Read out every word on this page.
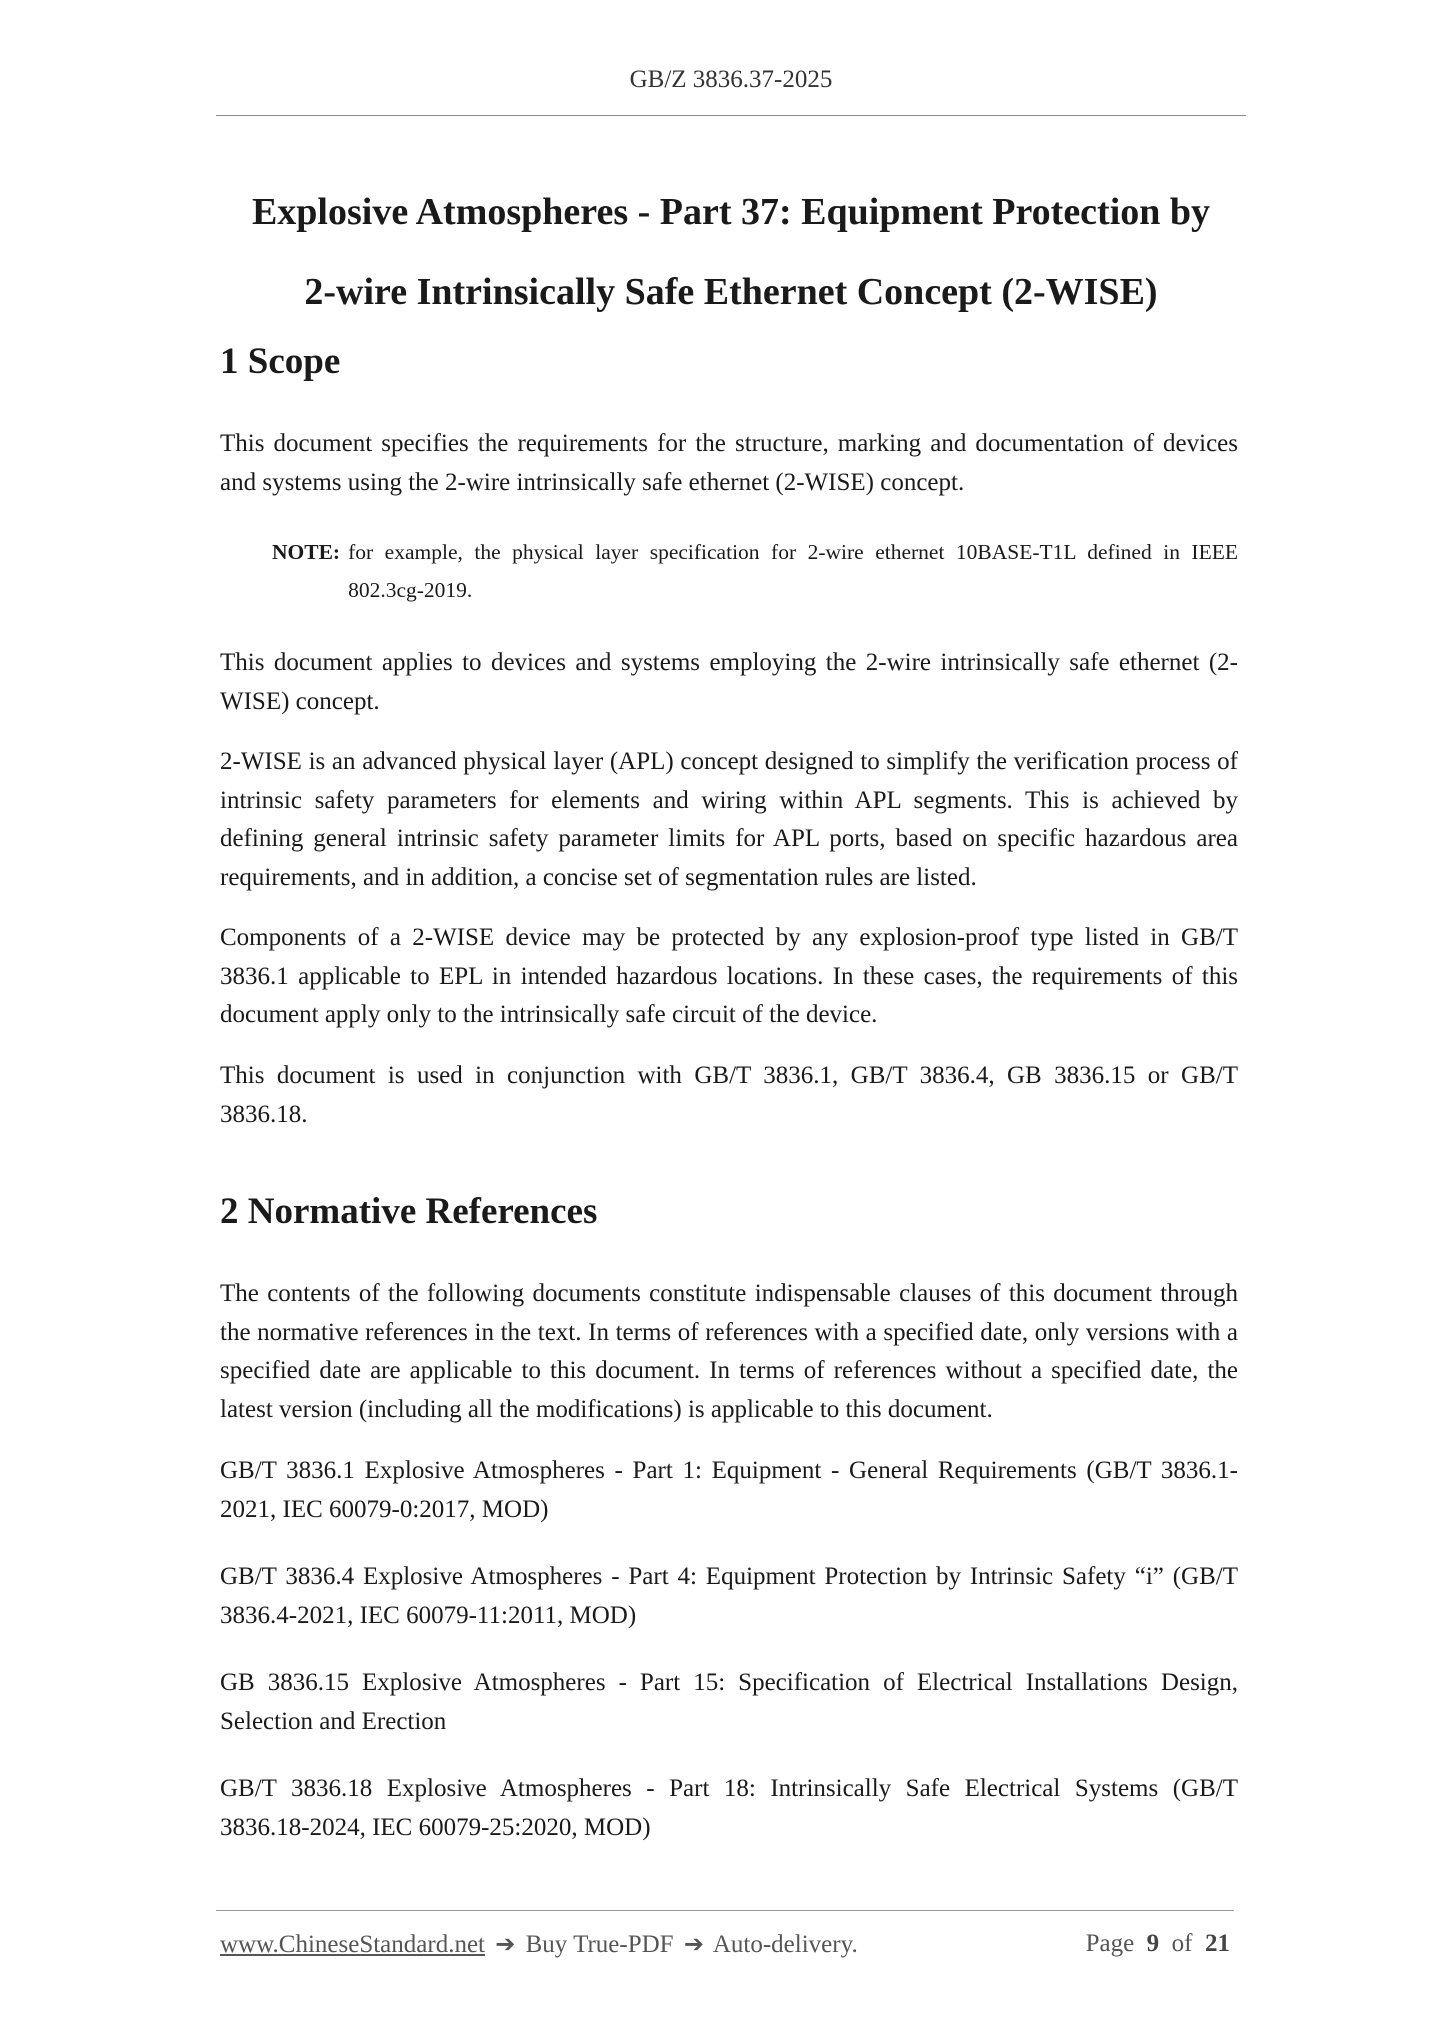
GB/Z 3836.37-2025
Explosive Atmospheres - Part 37: Equipment Protection by
2-wire Intrinsically Safe Ethernet Concept (2-WISE)
1 Scope

This document specifies the requirements for the structure, marking and documentation of devices and systems using the 2-wire intrinsically safe ethernet (2-WISE) concept.

NOTE: for example, the physical layer specification for 2-wire ethernet 10BASE-T1L defined in IEEE 802.3cg-2019.

This document applies to devices and systems employing the 2-wire intrinsically safe ethernet (2-WISE) concept.

2-WISE is an advanced physical layer (APL) concept designed to simplify the verification process of intrinsic safety parameters for elements and wiring within APL segments. This is achieved by defining general intrinsic safety parameter limits for APL ports, based on specific hazardous area requirements, and in addition, a concise set of segmentation rules are listed.

Components of a 2-WISE device may be protected by any explosion-proof type listed in GB/T 3836.1 applicable to EPL in intended hazardous locations. In these cases, the requirements of this document apply only to the intrinsically safe circuit of the device.

This document is used in conjunction with GB/T 3836.1, GB/T 3836.4, GB 3836.15 or GB/T 3836.18.

2 Normative References

The contents of the following documents constitute indispensable clauses of this document through the normative references in the text. In terms of references with a specified date, only versions with a specified date are applicable to this document. In terms of references without a specified date, the latest version (including all the modifications) is applicable to this document.

GB/T 3836.1 Explosive Atmospheres - Part 1: Equipment - General Requirements (GB/T 3836.1-2021, IEC 60079-0:2017, MOD)

GB/T 3836.4 Explosive Atmospheres - Part 4: Equipment Protection by Intrinsic Safety “i” (GB/T 3836.4-2021, IEC 60079-11:2011, MOD)

GB 3836.15 Explosive Atmospheres - Part 15: Specification of Electrical Installations Design, Selection and Erection

GB/T 3836.18 Explosive Atmospheres - Part 18: Intrinsically Safe Electrical Systems (GB/T 3836.18-2024, IEC 60079-25:2020, MOD)

www.ChineseStandard.net ➔ Buy True-PDF ➔ Auto-delivery.	Page 9 of 21
